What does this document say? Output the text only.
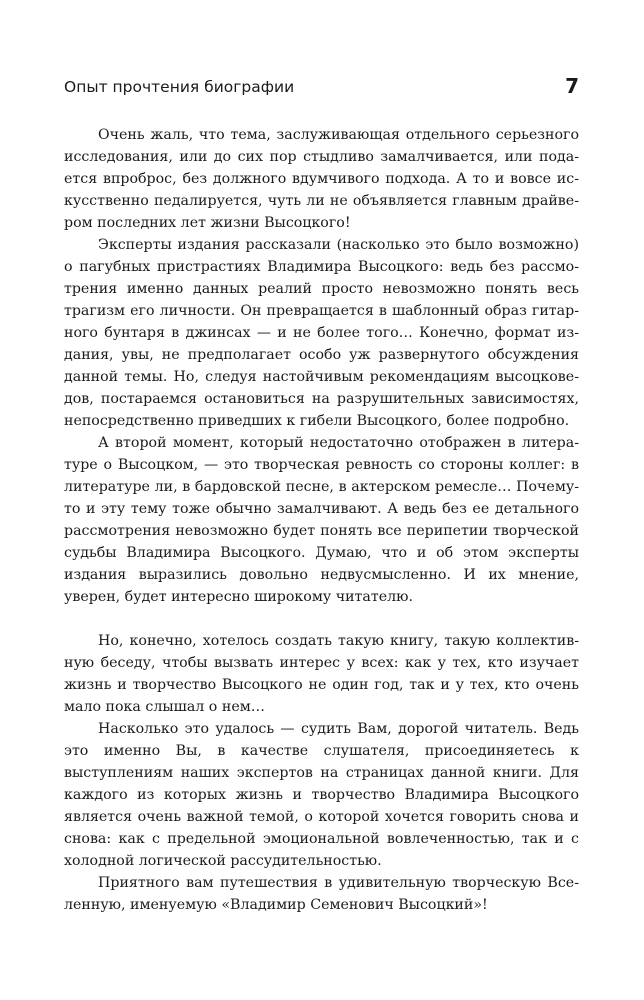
Опыт прочтения биографии	7

Очень жаль, что тема, заслуживающая отдельного серьезного исследования, или до сих пор стыдливо замалчивается, или подается впроброс, без должного вдумчивого подхода. А то и вовсе искусственно педалируется, чуть ли не объявляется главным драйвером последних лет жизни Высоцкого!

Эксперты издания рассказали (насколько это было возможно) о пагубных пристрастиях Владимира Высоцкого: ведь без рассмотрения именно данных реалий просто невозможно понять весь трагизм его личности. Он превращается в шаблонный образ гитарного бунтаря в джинсах — и не более того… Конечно, формат издания, увы, не предполагает особо уж развернутого обсуждения данной темы. Но, следуя настойчивым рекомендациям высоцковедов, постараемся остановиться на разрушительных зависимостях, непосредственно приведших к гибели Высоцкого, более подробно.

А второй момент, который недостаточно отображен в литературе о Высоцком, — это творческая ревность со стороны коллег: в литературе ли, в бардовской песне, в актерском ремесле… Почему-то и эту тему тоже обычно замалчивают. А ведь без ее детального рассмотрения невозможно будет понять все перипетии творческой судьбы Владимира Высоцкого. Думаю, что и об этом эксперты издания выразились довольно недвусмысленно. И их мнение, уверен, будет интересно широкому читателю.

Но, конечно, хотелось создать такую книгу, такую коллективную беседу, чтобы вызвать интерес у всех: как у тех, кто изучает жизнь и творчество Высоцкого не один год, так и у тех, кто очень мало пока слышал о нем…

Насколько это удалось — судить Вам, дорогой читатель. Ведь это именно Вы, в качестве слушателя, присоединяетесь к выступлениям наших экспертов на страницах данной книги. Для каждого из которых жизнь и творчество Владимира Высоцкого является очень важной темой, о которой хочется говорить снова и снова: как с предельной эмоциональной вовлеченностью, так и с холодной логической рассудительностью.

Приятного вам путешествия в удивительную творческую Вселенную, именуемую «Владимир Семенович Высоцкий»!
